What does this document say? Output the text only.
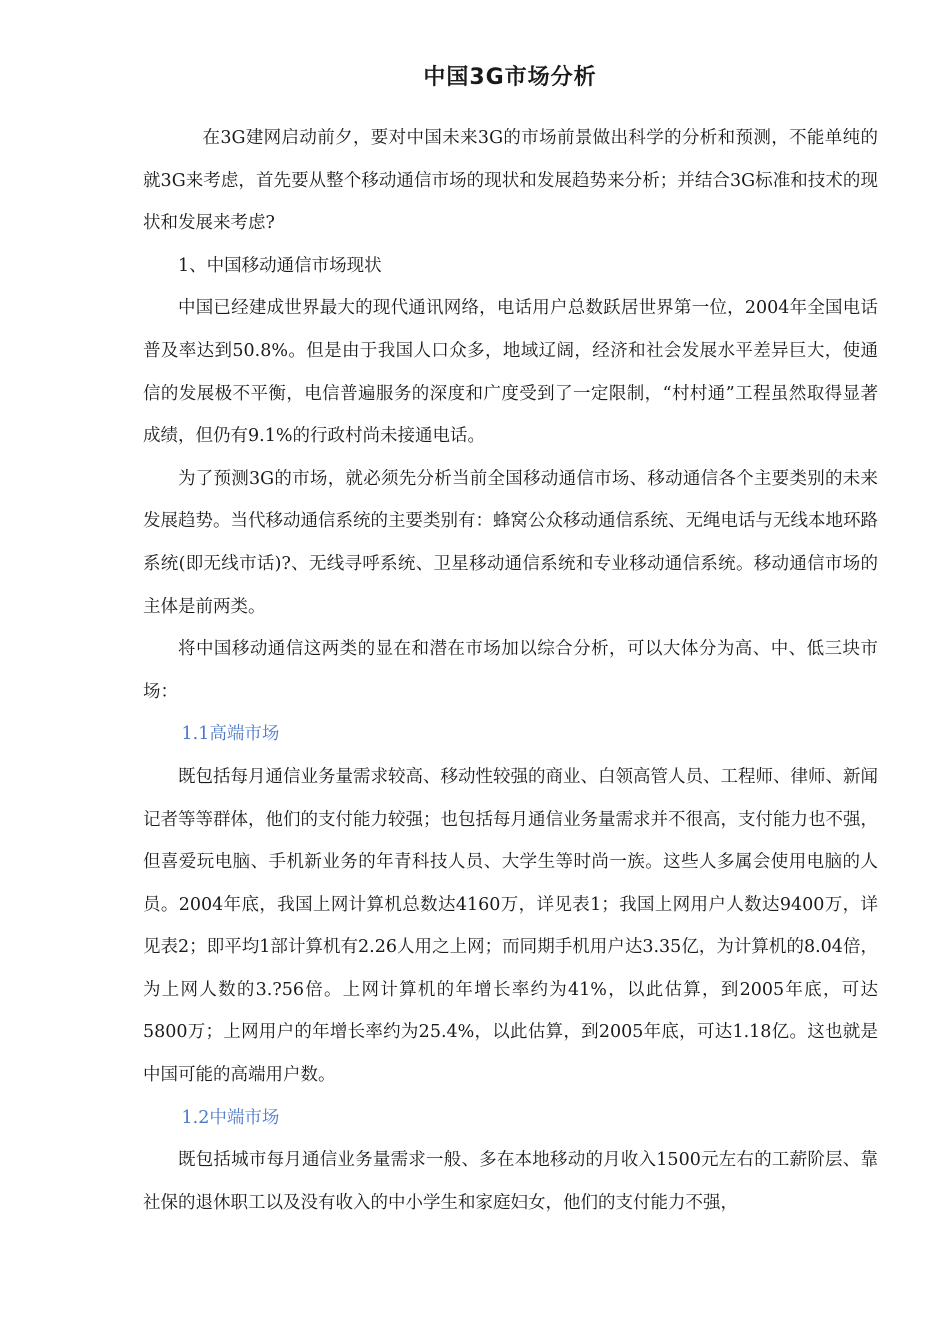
中国3G市场分析

在3G建网启动前夕，要对中国未来3G的市场前景做出科学的分析和预测，不能单纯的就3G来考虑，首先要从整个移动通信市场的现状和发展趋势来分析；并结合3G标准和技术的现状和发展来考虑?

1、中国移动通信市场现状

中国已经建成世界最大的现代通讯网络，电话用户总数跃居世界第一位，2004年全国电话普及率达到50.8%。但是由于我国人口众多，地域辽阔，经济和社会发展水平差异巨大，使通信的发展极不平衡，电信普遍服务的深度和广度受到了一定限制，“村村通”工程虽然取得显著成绩，但仍有9.1%的行政村尚未接通电话。

为了预测3G的市场，就必须先分析当前全国移动通信市场、移动通信各个主要类别的未来发展趋势。当代移动通信系统的主要类别有：蜂窝公众移动通信系统、无绳电话与无线本地环路系统(即无线市话)?、无线寻呼系统、卫星移动通信系统和专业移动通信系统。移动通信市场的主体是前两类。

将中国移动通信这两类的显在和潜在市场加以综合分析，可以大体分为高、中、低三块市场：

1.1高端市场

既包括每月通信业务量需求较高、移动性较强的商业、白领高管人员、工程师、律师、新闻记者等等群体，他们的支付能力较强；也包括每月通信业务量需求并不很高，支付能力也不强，但喜爱玩电脑、手机新业务的年青科技人员、大学生等时尚一族。这些人多属会使用电脑的人员。2004年底，我国上网计算机总数达4160万，详见表1；我国上网用户人数达9400万，详见表2；即平均1部计算机有2.26人用之上网；而同期手机用户达3.35亿，为计算机的8.04倍，为上网人数的3.?56倍。上网计算机的年增长率约为41%，以此估算，到2005年底，可达5800万；上网用户的年增长率约为25.4%，以此估算，到2005年底，可达1.18亿。这也就是中国可能的高端用户数。

1.2中端市场

既包括城市每月通信业务量需求一般、多在本地移动的月收入1500元左右的工薪阶层、靠社保的退休职工以及没有收入的中小学生和家庭妇女，他们的支付能力不强，
